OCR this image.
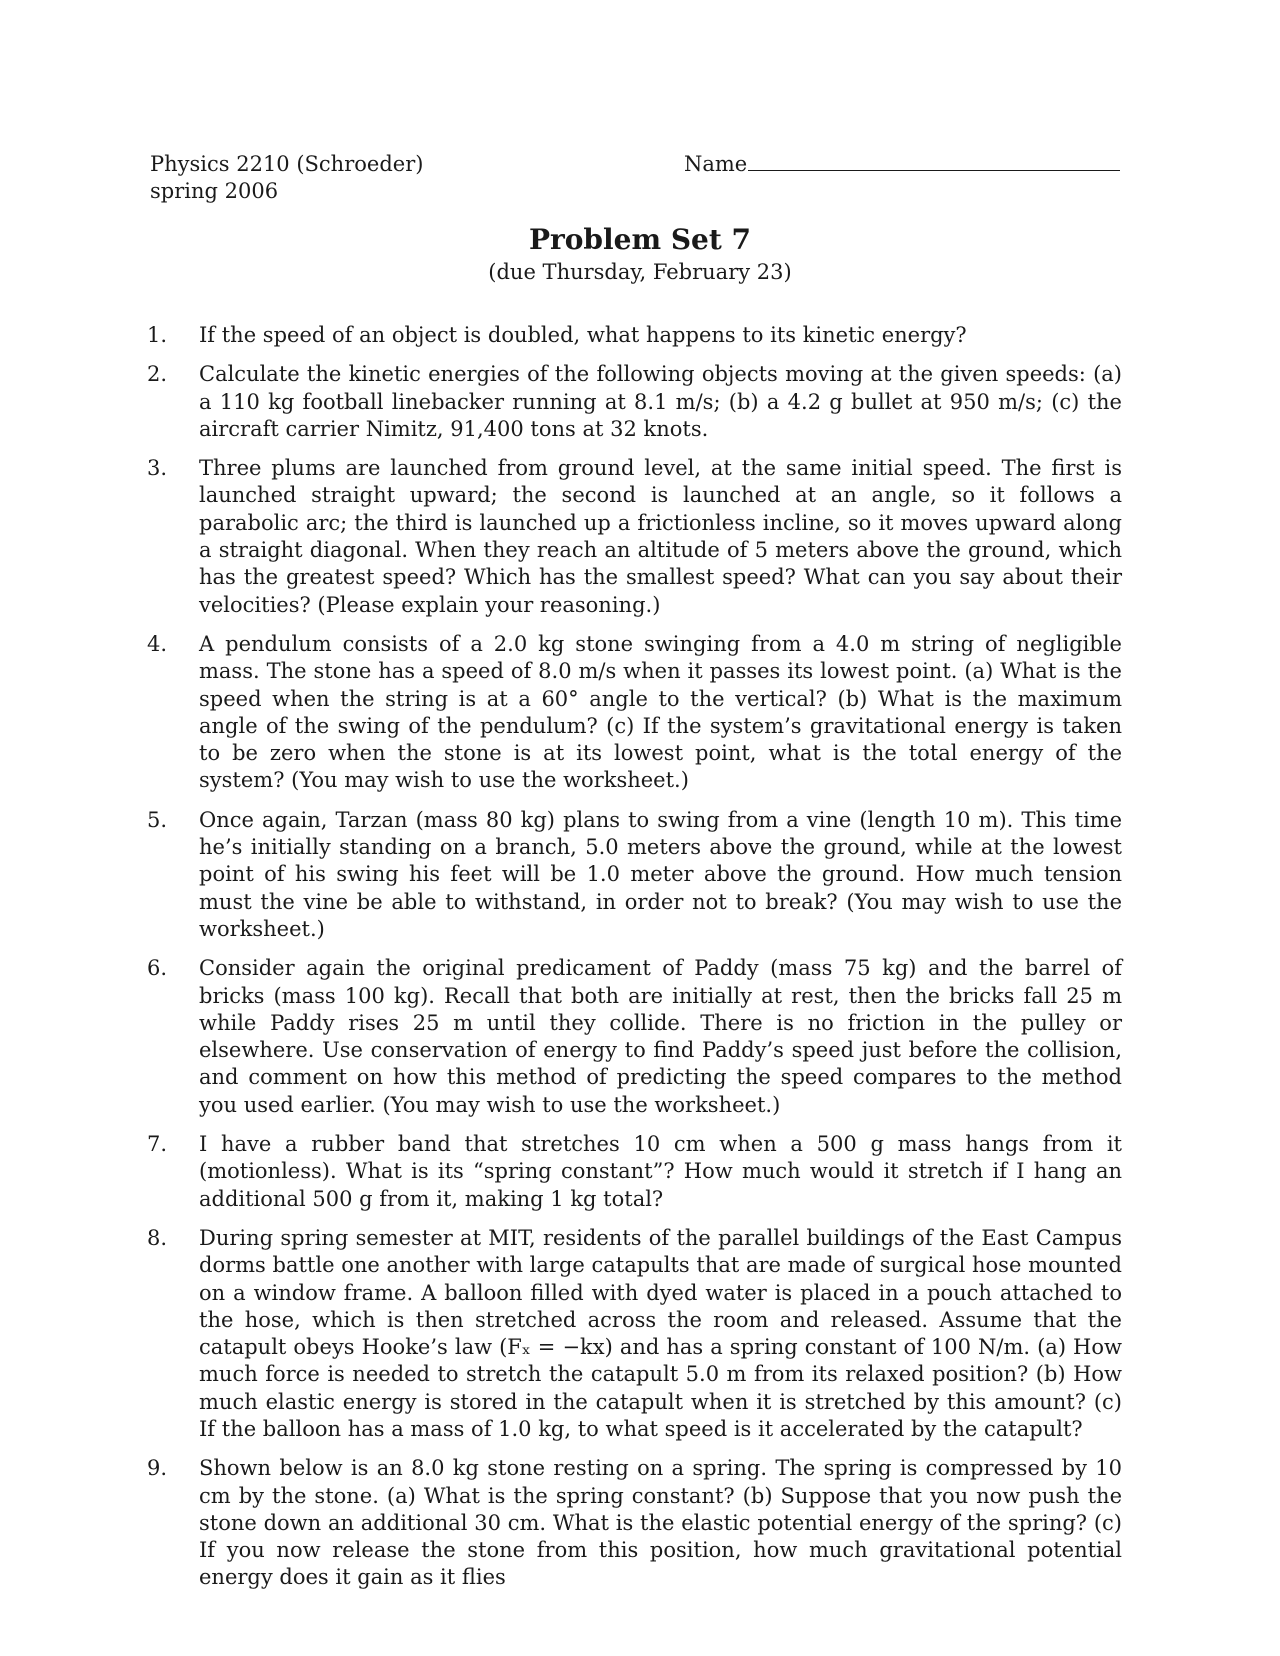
Physics 2210 (Schroeder)
spring 2006
Name
Problem Set 7
(due Thursday, February 23)
1.	If the speed of an object is doubled, what happens to its kinetic energy?
2.	Calculate the kinetic energies of the following objects moving at the given speeds: (a) a 110 kg football linebacker running at 8.1 m/s; (b) a 4.2 g bullet at 950 m/s; (c) the aircraft carrier Nimitz, 91,400 tons at 32 knots.
3.	Three plums are launched from ground level, at the same initial speed. The first is launched straight upward; the second is launched at an angle, so it follows a parabolic arc; the third is launched up a frictionless incline, so it moves upward along a straight diagonal. When they reach an altitude of 5 meters above the ground, which has the greatest speed? Which has the smallest speed? What can you say about their velocities? (Please explain your reasoning.)
4.	A pendulum consists of a 2.0 kg stone swinging from a 4.0 m string of negligible mass. The stone has a speed of 8.0 m/s when it passes its lowest point. (a) What is the speed when the string is at a 60° angle to the vertical? (b) What is the maximum angle of the swing of the pendulum? (c) If the system’s gravitational energy is taken to be zero when the stone is at its lowest point, what is the total energy of the system? (You may wish to use the worksheet.)
5.	Once again, Tarzan (mass 80 kg) plans to swing from a vine (length 10 m). This time he’s initially standing on a branch, 5.0 meters above the ground, while at the lowest point of his swing his feet will be 1.0 meter above the ground. How much tension must the vine be able to withstand, in order not to break? (You may wish to use the worksheet.)
6.	Consider again the original predicament of Paddy (mass 75 kg) and the barrel of bricks (mass 100 kg). Recall that both are initially at rest, then the bricks fall 25 m while Paddy rises 25 m until they collide. There is no friction in the pulley or elsewhere. Use conservation of energy to find Paddy’s speed just before the collision, and comment on how this method of predicting the speed compares to the method you used earlier. (You may wish to use the worksheet.)
7.	I have a rubber band that stretches 10 cm when a 500 g mass hangs from it (motionless). What is its “spring constant”? How much would it stretch if I hang an additional 500 g from it, making 1 kg total?
8.	During spring semester at MIT, residents of the parallel buildings of the East Campus dorms battle one another with large catapults that are made of surgical hose mounted on a window frame. A balloon filled with dyed water is placed in a pouch attached to the hose, which is then stretched across the room and released. Assume that the catapult obeys Hooke’s law (Fₓ = −kx) and has a spring constant of 100 N/m. (a) How much force is needed to stretch the catapult 5.0 m from its relaxed position? (b) How much elastic energy is stored in the catapult when it is stretched by this amount? (c) If the balloon has a mass of 1.0 kg, to what speed is it accelerated by the catapult?
9.	Shown below is an 8.0 kg stone resting on a spring. The spring is compressed by 10 cm by the stone. (a) What is the spring constant? (b) Suppose that you now push the stone down an additional 30 cm. What is the elastic potential energy of the spring? (c) If you now release the stone from this position, how much gravitational potential energy does it gain as it flies
